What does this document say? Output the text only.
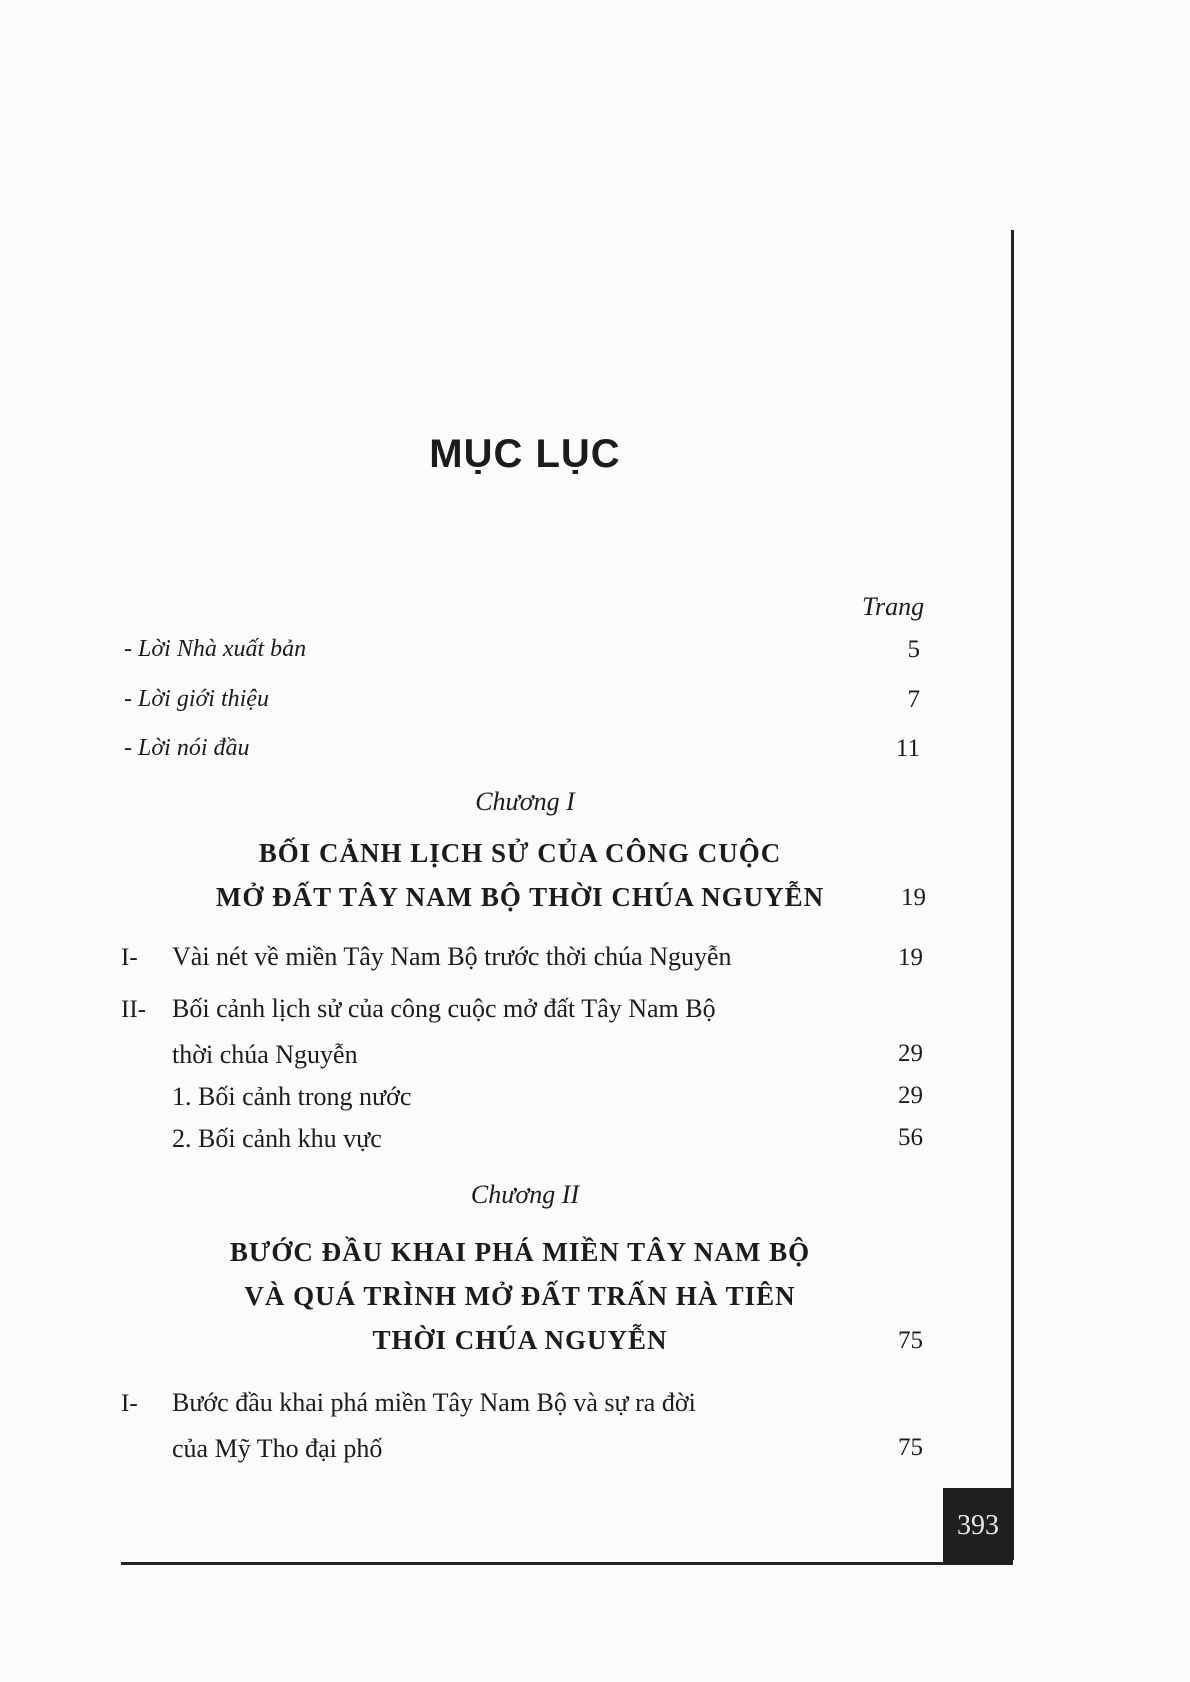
MỤC LỤC
Trang
- Lời Nhà xuất bản	5
- Lời giới thiệu	7
- Lời nói đầu	11
Chương I
BỐI CẢNH LỊCH SỬ CỦA CÔNG CUỘC
MỞ ĐẤT TÂY NAM BỘ THỜI CHÚA NGUYỄN	19
I- Vài nét về miền Tây Nam Bộ trước thời chúa Nguyễn	19
II- Bối cảnh lịch sử của công cuộc mở đất Tây Nam Bộ
thời chúa Nguyễn	29
1. Bối cảnh trong nước	29
2. Bối cảnh khu vực	56
Chương II
BƯỚC ĐẦU KHAI PHÁ MIỀN TÂY NAM BỘ
VÀ QUÁ TRÌNH MỞ ĐẤT TRẤN HÀ TIÊN
THỜI CHÚA NGUYỄN	75
I- Bước đầu khai phá miền Tây Nam Bộ và sự ra đời
của Mỹ Tho đại phố	75
393
